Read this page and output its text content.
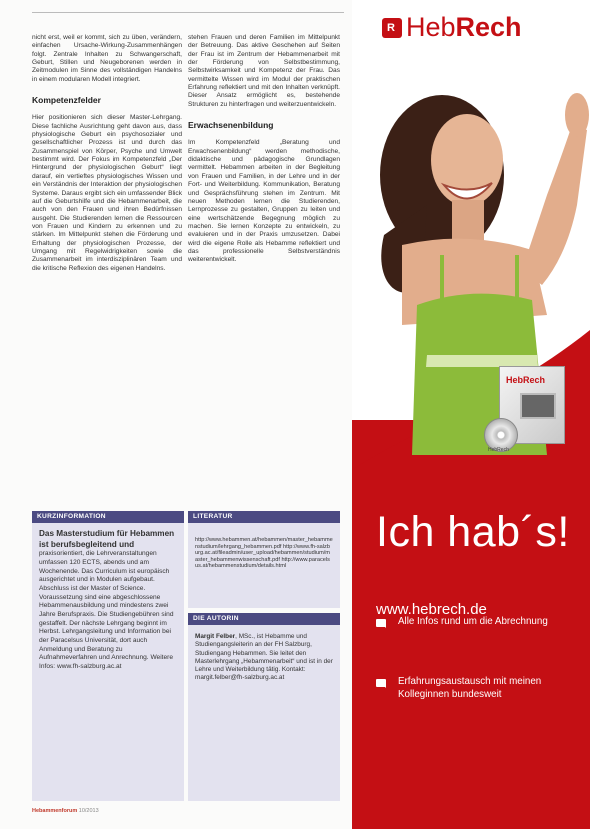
nicht erst, weil er kommt, sich zu üben, verändern, einfachen Ursache-Wirkung-Zusammenhängen folgt. Zentrale Inhalten zu Schwangerschaft, Geburt, Stillen und Neugeborenen werden in Zeitmodulen im Sinne des vollständigen Handelns in einem modularen Modell integriert.

Kompetenzfelder

Hier positionieren sich dieser Master-Lehrgang. Diese fachliche Ausrichtung geht davon aus, dass physiologische Geburt ein psychosozialer und gesellschaftlicher Prozess ist und durch das Zusammenspiel von Körper, Psyche und Umwelt bestimmt wird. Der Fokus im Kompetenzfeld „Der Hintergrund der physiologischen Geburt“ liegt darauf, ein vertieftes physiologisches Wissen und ein Verständnis der Interaktion der physiologischen Systeme. Daraus ergibt sich ein umfassender Blick auf die Geburtshilfe und die Hebammenarbeit, die auch von den Frauen und ihren Bedürfnissen ausgeht. Die Studierenden lernen die Ressourcen von Frauen und Kindern zu erkennen und zu stärken. Im Mittelpunkt stehen die Förderung und Erhaltung der physiologischen Prozesse, der Umgang mit Regelwidrigkeiten sowie die Zusammenarbeit im interdisziplinären Team und die kritische Reflexion des eigenen Handelns.

stehen Frauen und deren Familien im Mittelpunkt der Betreuung. Das aktive Geschehen auf Seiten der Frau ist im Zentrum der Hebammenarbeit mit der Förderung von Selbstbestimmung, Selbstwirksamkeit und Kompetenz der Frau. Das vermittelte Wissen wird im Modul der praktischen Erfahrung reflektiert und mit den Inhalten verknüpft. Dieser Ansatz ermöglicht es, bestehende Strukturen zu hinterfragen und weiterzuentwickeln.

Erwachsenenbildung

Im Kompetenzfeld „Beratung und Erwachsenenbildung“ werden methodische, didaktische und pädagogische Grundlagen vermittelt. Hebammen arbeiten in der Begleitung von Frauen und Familien, in der Lehre und in der Fort- und Weiterbildung. Kommunikation, Beratung und Gesprächsführung stehen im Zentrum. Mit neuen Methoden lernen die Studierenden, Lernprozesse zu gestalten, Gruppen zu leiten und eine wertschätzende Begegnung möglich zu machen. Sie lernen Konzepte zu entwickeln, zu evaluieren und in der Praxis umzusetzen. Dabei wird die eigene Rolle als Hebamme reflektiert und das professionelle Selbstverständnis weiterentwickelt.

KURZINFORMATION
Das Masterstudium für Hebammen ist berufsbegleitend und praxisorientiert, die Lehrveranstaltungen umfassen 120 ECTS, abends und am Wochenende. Das Curriculum ist europäisch ausgerichtet und in Modulen aufgebaut. Abschluss ist der Master of Science. Voraussetzung sind eine abgeschlossene Hebammenausbildung und mindestens zwei Jahre Berufspraxis. Die Studiengebühren sind gestaffelt. Der nächste Lehrgang beginnt im Herbst. Lehrgangsleitung und Information bei der Paracelsus Universität, dort auch Anmeldung und Beratung zu Aufnahmeverfahren und Anrechnung. Weitere Infos: www.fh-salzburg.ac.at
LITERATUR
http://www.hebammen.at/hebammen/master_hebammenstudium/lehrgang_hebammen.pdf http://www.fh-salzburg.ac.at/fileadmin/user_upload/hebammen/studium/master_hebammenwissenschaft.pdf http://www.paracelsus.at/hebammenstudium/details.html
DIE AUTORIN
Margit Felber, MSc., ist Hebamme und Studiengangsleiterin an der FH Salzburg, Studiengang Hebammen. Sie leitet den Masterlehrgang „Hebammenarbeit“ und ist in der Lehre und Weiterbildung tätig. Kontakt: margit.felber@fh-salzburg.ac.at
Hebammenforum 10/2013
R HebRech
HebRech
HebRech
Ich hab´s!
www.hebrech.de
Alle Infos rund um die Abrechnung
Erfahrungsaustausch mit meinen Kolleginnen bundesweit
